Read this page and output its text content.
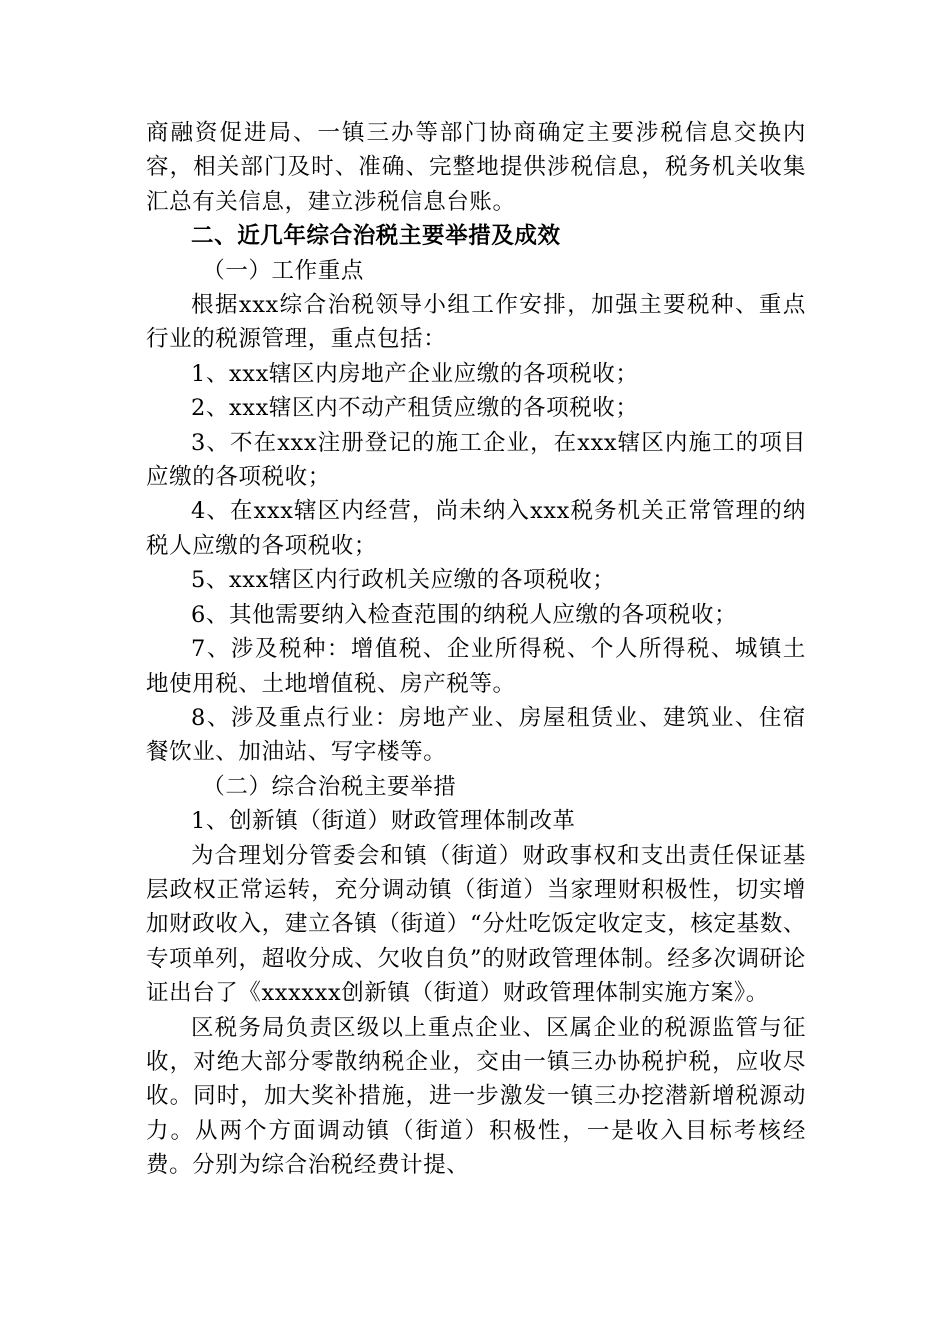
商融资促进局、一镇三办等部门协商确定主要涉税信息交换内容，相关部门及时、准确、完整地提供涉税信息，税务机关收集汇总有关信息，建立涉税信息台账。

二、近几年综合治税主要举措及成效

（一）工作重点

根据xxx综合治税领导小组工作安排，加强主要税种、重点行业的税源管理，重点包括：

1、xxx辖区内房地产企业应缴的各项税收；

2、xxx辖区内不动产租赁应缴的各项税收；

3、不在xxx注册登记的施工企业，在xxx辖区内施工的项目应缴的各项税收；

4、在xxx辖区内经营，尚未纳入xxx税务机关正常管理的纳税人应缴的各项税收；

5、xxx辖区内行政机关应缴的各项税收；

6、其他需要纳入检查范围的纳税人应缴的各项税收；

7、涉及税种：增值税、企业所得税、个人所得税、城镇土地使用税、土地增值税、房产税等。

8、涉及重点行业：房地产业、房屋租赁业、建筑业、住宿餐饮业、加油站、写字楼等。

（二）综合治税主要举措

1、创新镇（街道）财政管理体制改革

为合理划分管委会和镇（街道）财政事权和支出责任保证基层政权正常运转，充分调动镇（街道）当家理财积极性，切实增加财政收入，建立各镇（街道）“分灶吃饭定收定支，核定基数、专项单列，超收分成、欠收自负”的财政管理体制。经多次调研论证出台了《xxxxxx创新镇（街道）财政管理体制实施方案》。

区税务局负责区级以上重点企业、区属企业的税源监管与征收，对绝大部分零散纳税企业，交由一镇三办协税护税，应收尽收。同时，加大奖补措施，进一步激发一镇三办挖潜新增税源动力。从两个方面调动镇（街道）积极性，一是收入目标考核经费。分别为综合治税经费计提、
